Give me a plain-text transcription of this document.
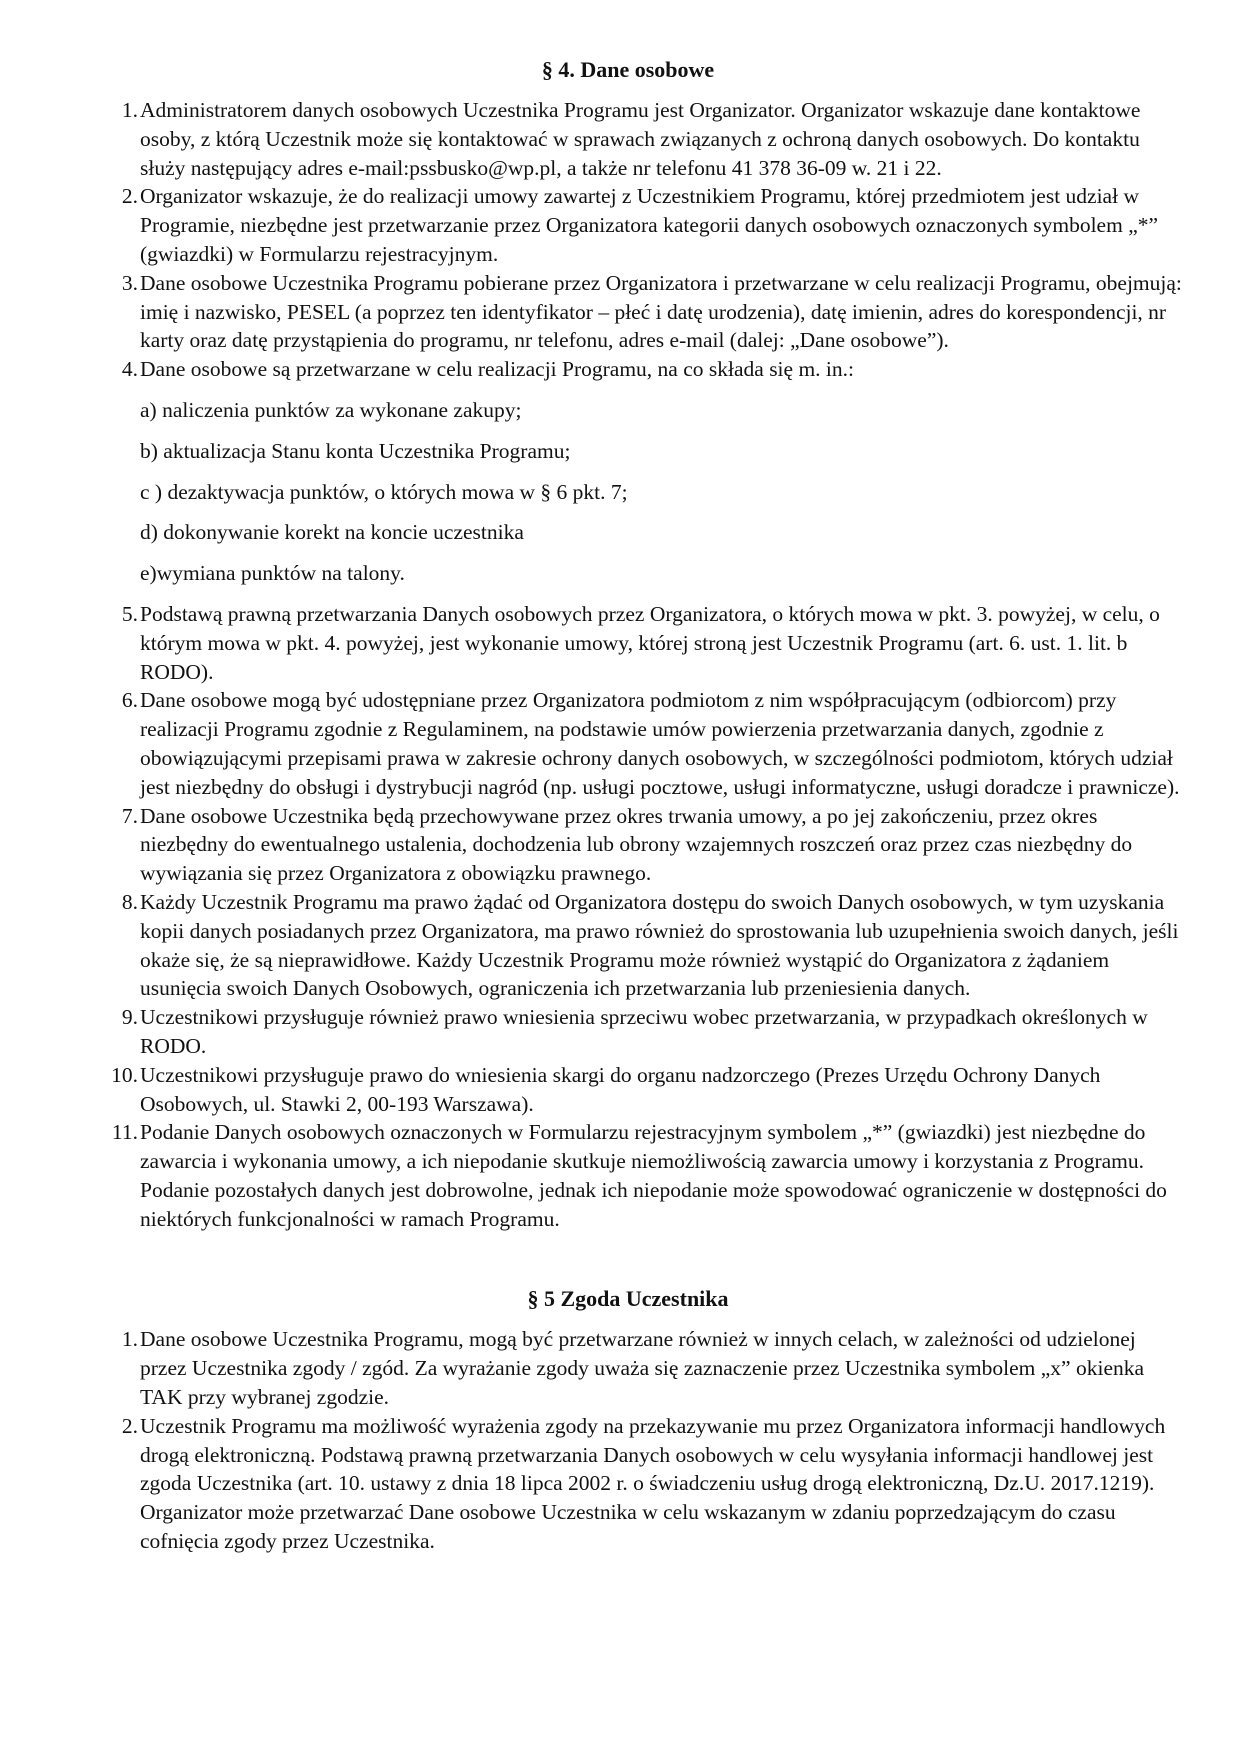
§ 4. Dane osobowe
1. Administratorem danych osobowych Uczestnika Programu jest Organizator. Organizator wskazuje dane kontaktowe osoby, z którą Uczestnik może się kontaktować w sprawach związanych z ochroną danych osobowych. Do kontaktu służy następujący adres e-mail:pssbusko@wp.pl, a także nr telefonu 41 378 36-09 w. 21 i 22.
2. Organizator wskazuje, że do realizacji umowy zawartej z Uczestnikiem Programu, której przedmiotem jest udział w Programie, niezbędne jest przetwarzanie przez Organizatora kategorii danych osobowych oznaczonych symbolem „*” (gwiazdki) w Formularzu rejestracyjnym.
3. Dane osobowe Uczestnika Programu pobierane przez Organizatora i przetwarzane w celu realizacji Programu, obejmują: imię i nazwisko, PESEL (a poprzez ten identyfikator – płeć i datę urodzenia), datę imienin, adres do korespondencji, nr karty oraz datę przystąpienia do programu, nr telefonu, adres e-mail (dalej: „Dane osobowe”).
4. Dane osobowe są przetwarzane w celu realizacji Programu, na co składa się m. in.:
a) naliczenia punktów za wykonane zakupy;
b) aktualizacja Stanu konta Uczestnika Programu;
c ) dezaktywacja punktów, o których mowa w § 6 pkt. 7;
d) dokonywanie korekt na koncie uczestnika
e)wymiana punktów na talony.
5. Podstawą prawną przetwarzania Danych osobowych przez Organizatora, o których mowa w pkt. 3. powyżej, w celu, o którym mowa w pkt. 4. powyżej, jest wykonanie umowy, której stroną jest Uczestnik Programu (art. 6. ust. 1. lit. b RODO).
6. Dane osobowe mogą być udostępniane przez Organizatora podmiotom z nim współpracującym (odbiorcom) przy realizacji Programu zgodnie z Regulaminem, na podstawie umów powierzenia przetwarzania danych, zgodnie z obowiązującymi przepisami prawa w zakresie ochrony danych osobowych, w szczególności podmiotom, których udział jest niezbędny do obsługi i dystrybucji nagród (np. usługi pocztowe, usługi informatyczne, usługi doradcze i prawnicze).
7. Dane osobowe Uczestnika będą przechowywane przez okres trwania umowy, a po jej zakończeniu, przez okres niezbędny do ewentualnego ustalenia, dochodzenia lub obrony wzajemnych roszczeń oraz przez czas niezbędny do wywiązania się przez Organizatora z obowiązku prawnego.
8. Każdy Uczestnik Programu ma prawo żądać od Organizatora dostępu do swoich Danych osobowych, w tym uzyskania kopii danych posiadanych przez Organizatora, ma prawo również do sprostowania lub uzupełnienia swoich danych, jeśli okaże się, że są nieprawidłowe. Każdy Uczestnik Programu może również wystąpić do Organizatora z żądaniem usunięcia swoich Danych Osobowych, ograniczenia ich przetwarzania lub przeniesienia danych.
9. Uczestnikowi przysługuje również prawo wniesienia sprzeciwu wobec przetwarzania, w przypadkach określonych w RODO.
10. Uczestnikowi przysługuje prawo do wniesienia skargi do organu nadzorczego (Prezes Urzędu Ochrony Danych Osobowych, ul. Stawki 2, 00-193 Warszawa).
11. Podanie Danych osobowych oznaczonych w Formularzu rejestracyjnym symbolem „*” (gwiazdki) jest niezbędne do zawarcia i wykonania umowy, a ich niepodanie skutkuje niemożliwością zawarcia umowy i korzystania z Programu. Podanie pozostałych danych jest dobrowolne, jednak ich niepodanie może spowodować ograniczenie w dostępności do niektórych funkcjonalności w ramach Programu.
§ 5 Zgoda Uczestnika
1. Dane osobowe Uczestnika Programu, mogą być przetwarzane również w innych celach, w zależności od udzielonej przez Uczestnika zgody / zgód. Za wyrażanie zgody uważa się zaznaczenie przez Uczestnika symbolem „x” okienka TAK przy wybranej zgodzie.
2. Uczestnik Programu ma możliwość wyrażenia zgody na przekazywanie mu przez Organizatora informacji handlowych drogą elektroniczną. Podstawą prawną przetwarzania Danych osobowych w celu wysyłania informacji handlowej jest zgoda Uczestnika (art. 10. ustawy z dnia 18 lipca 2002 r. o świadczeniu usług drogą elektroniczną, Dz.U. 2017.1219). Organizator może przetwarzać Dane osobowe Uczestnika w celu wskazanym w zdaniu poprzedzającym do czasu cofnięcia zgody przez Uczestnika.
